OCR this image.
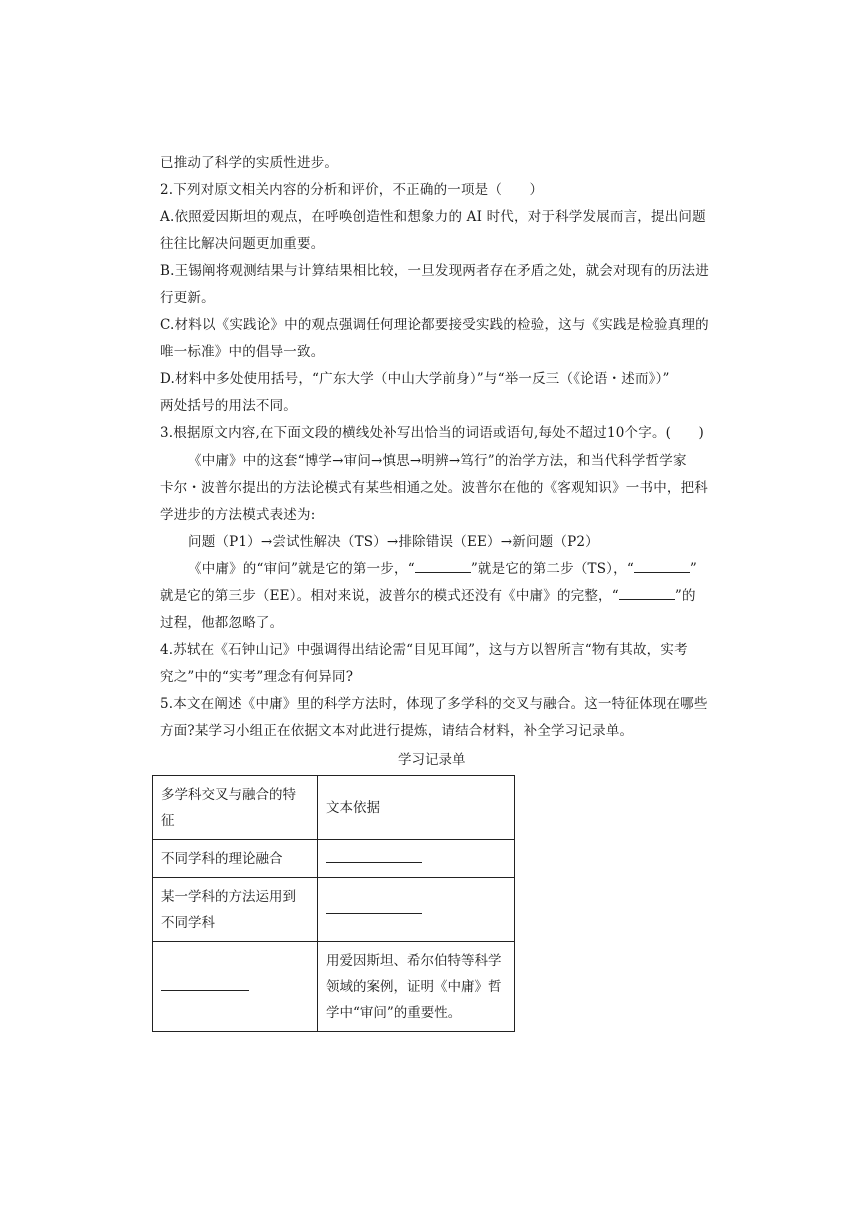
已推动了科学的实质性进步。
2.下列对原文相关内容的分析和评价，不正确的一项是（　　）
A.依照爱因斯坦的观点，在呼唤创造性和想象力的 AI 时代，对于科学发展而言，提出问题
往往比解决问题更加重要。
B.王锡阐将观测结果与计算结果相比较，一旦发现两者存在矛盾之处，就会对现有的历法进
行更新。
C.材料以《实践论》中的观点强调任何理论都要接受实践的检验，这与《实践是检验真理的
唯一标准》中的倡导一致。
D.材料中多处使用括号，“广东大学（中山大学前身）”与“举一反三（《论语・述而》）”
两处括号的用法不同。
3.根据原文内容,在下面文段的横线处补写出恰当的词语或语句,每处不超过10个字。(　　)
《中庸》中的这套“博学→审问→慎思→明辨→笃行”的治学方法，和当代科学哲学家
卡尔・波普尔提出的方法论模式有某些相通之处。波普尔在他的《客观知识》一书中，把科
学进步的方法模式表述为:
问题（P1）→尝试性解决（TS）→排除错误（EE）→新问题（P2）
《中庸》的“审问”就是它的第一步，“	”就是它的第二步（TS），“	”
就是它的第三步（EE）。相对来说，波普尔的模式还没有《中庸》的完整，“	”的
过程，他都忽略了。
4.苏轼在《石钟山记》中强调得出结论需“目见耳闻”，这与方以智所言“物有其故，实考
究之”中的“实考”理念有何异同?
5.本文在阐述《中庸》里的科学方法时，体现了多学科的交叉与融合。这一特征体现在哪些
方面?某学习小组正在依据文本对此进行提炼，请结合材料，补全学习记录单。
学习记录单
多学科交叉与融合的特
征	文本依据
不同学科的理论融合	

某一学科的方法运用到
不同学科	

	用爱因斯坦、希尔伯特等科学
领域的案例，证明《中庸》哲
学中“审问”的重要性。
